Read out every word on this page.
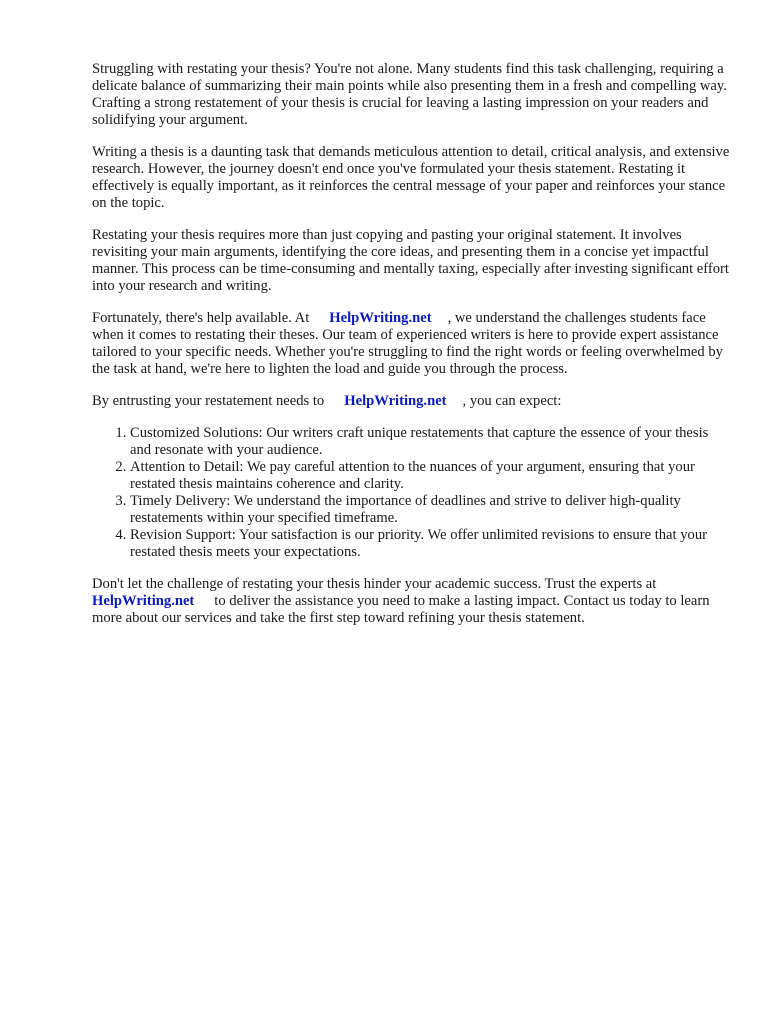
Struggling with restating your thesis? You're not alone. Many students find this task challenging, requiring a delicate balance of summarizing their main points while also presenting them in a fresh and compelling way. Crafting a strong restatement of your thesis is crucial for leaving a lasting impression on your readers and solidifying your argument.

Writing a thesis is a daunting task that demands meticulous attention to detail, critical analysis, and extensive research. However, the journey doesn't end once you've formulated your thesis statement. Restating it effectively is equally important, as it reinforces the central message of your paper and reinforces your stance on the topic.

Restating your thesis requires more than just copying and pasting your original statement. It involves revisiting your main arguments, identifying the core ideas, and presenting them in a concise yet impactful manner. This process can be time-consuming and mentally taxing, especially after investing significant effort into your research and writing.

Fortunately, there's help available. At HelpWriting.net , we understand the challenges students face when it comes to restating their theses. Our team of experienced writers is here to provide expert assistance tailored to your specific needs. Whether you're struggling to find the right words or feeling overwhelmed by the task at hand, we're here to lighten the load and guide you through the process.

By entrusting your restatement needs to HelpWriting.net , you can expect:

1. Customized Solutions: Our writers craft unique restatements that capture the essence of your thesis and resonate with your audience.
2. Attention to Detail: We pay careful attention to the nuances of your argument, ensuring that your restated thesis maintains coherence and clarity.
3. Timely Delivery: We understand the importance of deadlines and strive to deliver high-quality restatements within your specified timeframe.
4. Revision Support: Your satisfaction is our priority. We offer unlimited revisions to ensure that your restated thesis meets your expectations.

Don't let the challenge of restating your thesis hinder your academic success. Trust the experts at HelpWriting.net to deliver the assistance you need to make a lasting impact. Contact us today to learn more about our services and take the first step toward refining your thesis statement.
